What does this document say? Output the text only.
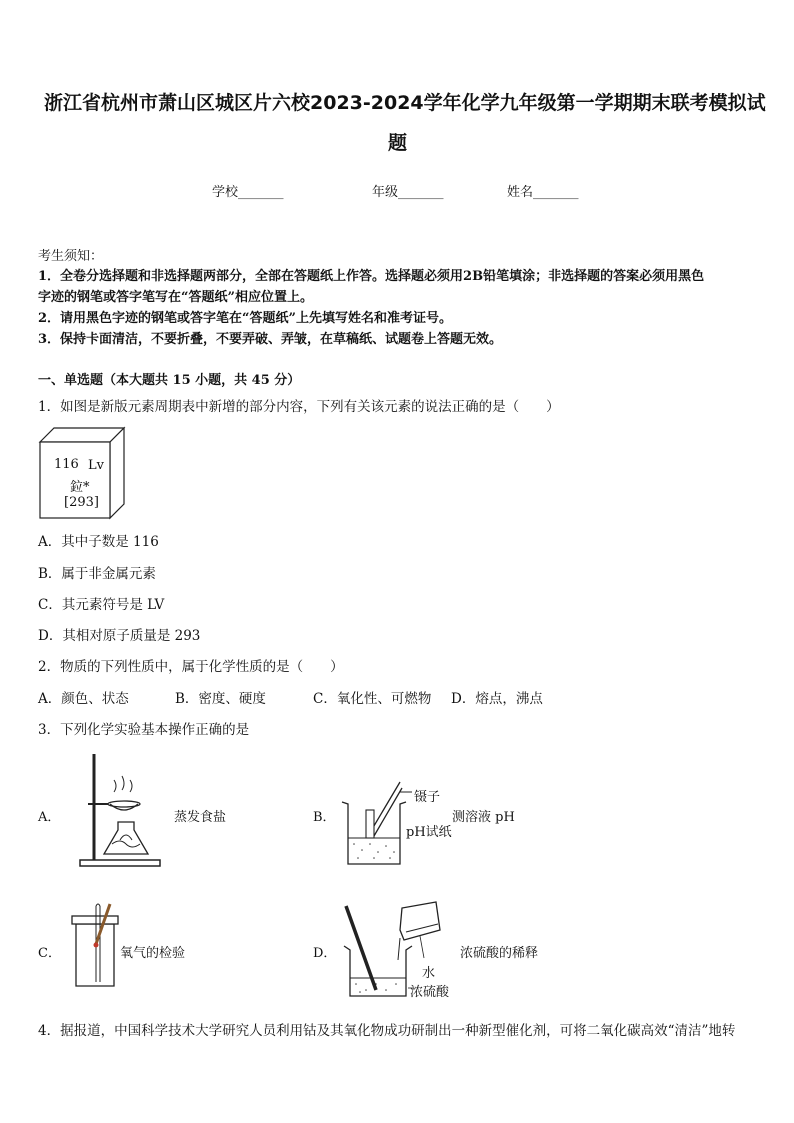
浙江省杭州市萧山区城区片六校2023-2024学年化学九年级第一学期期末联考模拟试
题
学校_______	年级_______	姓名_______
考生须知：
1．全卷分选择题和非选择题两部分，全部在答题纸上作答。选择题必须用2B铅笔填涂；非选择题的答案必须用黑色
字迹的钢笔或答字笔写在“答题纸”相应位置上。
2．请用黑色字迹的钢笔或答字笔在“答题纸”上先填写姓名和准考证号。
3．保持卡面清洁，不要折叠，不要弄破、弄皱，在草稿纸、试题卷上答题无效。
一、单选题（本大题共 15 小题，共 45 分）
1．如图是新版元素周期表中新增的部分内容，下列有关该元素的说法正确的是（　　）
116 Lv
鉝*
[293]
A．其中子数是 116
B．属于非金属元素
C．其元素符号是 LV
D．其相对原子质量是 293
2．物质的下列性质中，属于化学性质的是（　　）
A．颜色、状态	B．密度、硬度	C．氧化性、可燃物 D．熔点，沸点
3．下列化学实验基本操作正确的是
A．	蒸发食盐	B．
镊子
测溶液 pH
pH试纸
C．	氧气的检验	D．	浓硫酸的稀释
水
浓硫酸
4．据报道，中国科学技术大学研究人员利用钴及其氧化物成功研制出一种新型催化剂，可将二氧化碳高效“清洁”地转
